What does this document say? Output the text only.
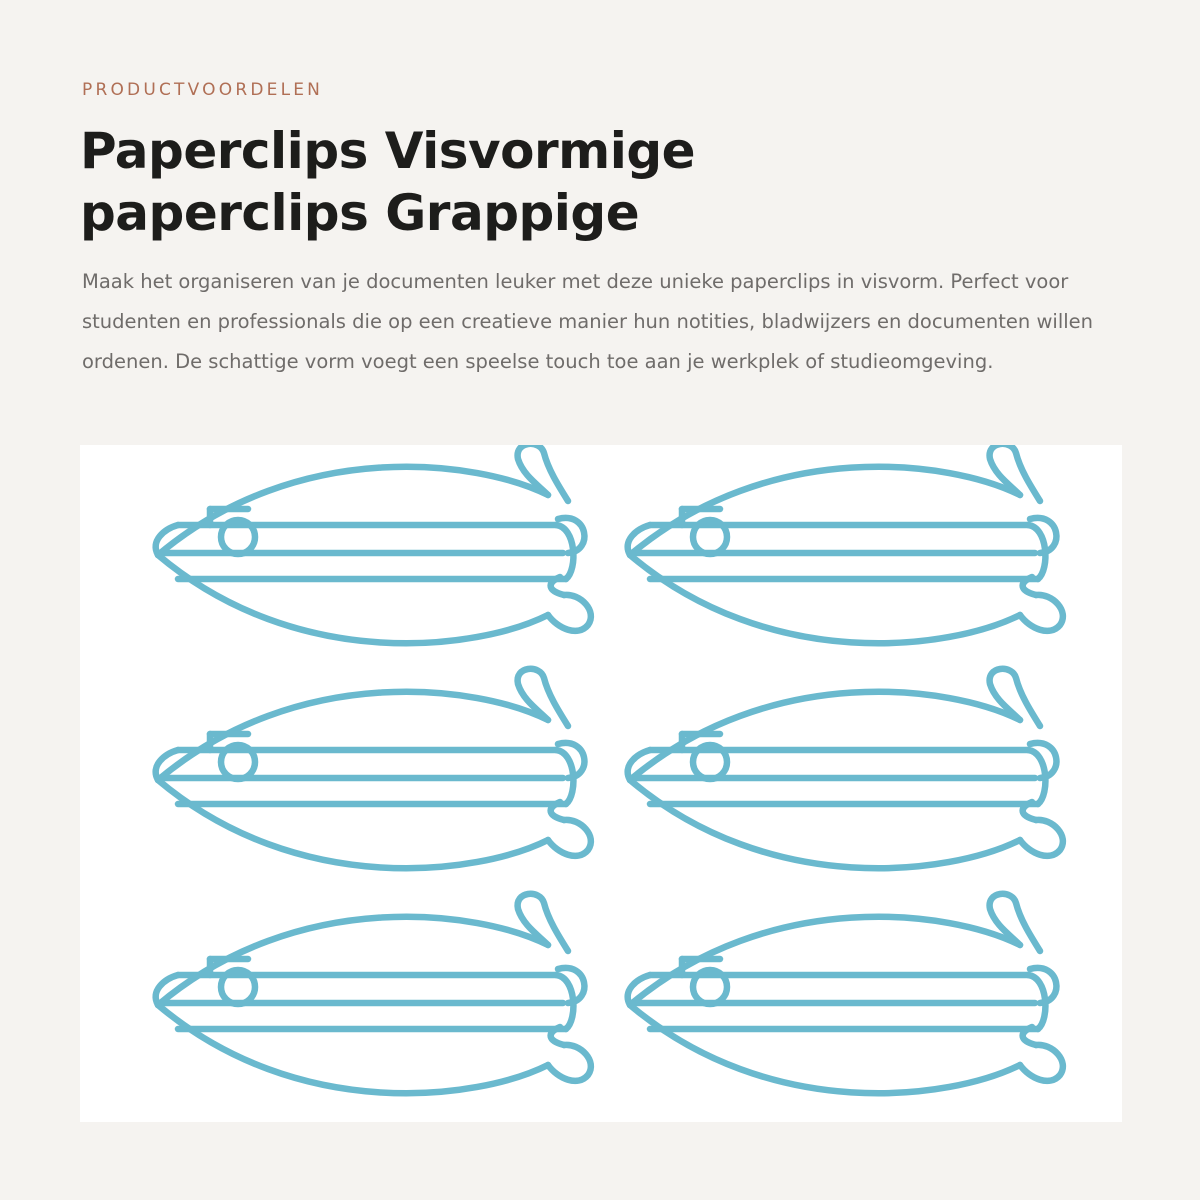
PRODUCTVOORDELEN

Paperclips Visvormige paperclips Grappige

Maak het organiseren van je documenten leuker met deze unieke paperclips in visvorm. Perfect voor studenten en professionals die op een creatieve manier hun notities, bladwijzers en documenten willen ordenen. De schattige vorm voegt een speelse touch toe aan je werkplek of studieomgeving.
